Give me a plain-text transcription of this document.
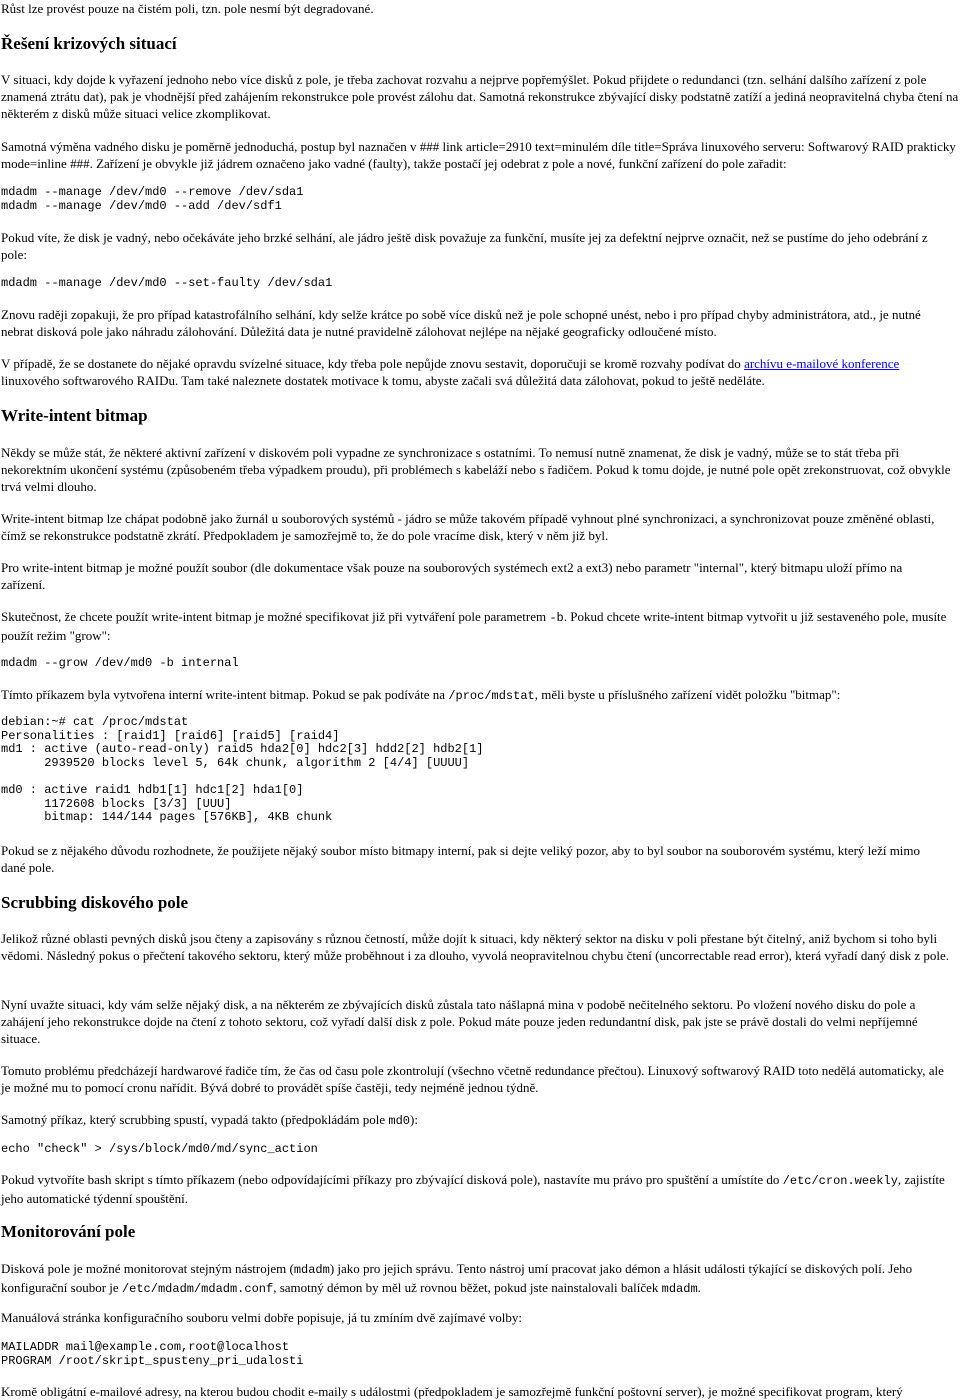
Růst lze provést pouze na čistém poli, tzn. pole nesmí být degradované.

Řešení krizových situací

V situaci, kdy dojde k vyřazení jednoho nebo více disků z pole, je třeba zachovat rozvahu a nejprve popřemýšlet. Pokud přijdete o redundanci (tzn. selhání dalšího zařízení z pole znamená ztrátu dat), pak je vhodnější před zahájením rekonstrukce pole provést zálohu dat. Samotná rekonstrukce zbývající disky podstatně zatíží a jediná neopravitelná chyba čtení na některém z disků může situaci velice zkomplikovat.

Samotná výměna vadného disku je poměrně jednoduchá, postup byl naznačen v ### link article=2910 text=minulém díle title=Správa linuxového serveru: Softwarový RAID prakticky mode=inline ###. Zařízení je obvykle již jádrem označeno jako vadné (faulty), takže postačí jej odebrat z pole a nové, funkční zařízení do pole zařadit:

mdadm --manage /dev/md0 --remove /dev/sda1
mdadm --manage /dev/md0 --add /dev/sdf1

Pokud víte, že disk je vadný, nebo očekáváte jeho brzké selhání, ale jádro ještě disk považuje za funkční, musíte jej za defektní nejprve označit, než se pustíme do jeho odebrání z pole:

mdadm --manage /dev/md0 --set-faulty /dev/sda1

Znovu raději zopakuji, že pro případ katastrofálního selhání, kdy selže krátce po sobě více disků než je pole schopné unést, nebo i pro případ chyby administrátora, atd., je nutné nebrat disková pole jako náhradu zálohování. Důležitá data je nutné pravidelně zálohovat nejlépe na nějaké geograficky odloučené místo.

V případě, že se dostanete do nějaké opravdu svízelné situace, kdy třeba pole nepůjde znovu sestavit, doporučuji se kromě rozvahy podívat do archívu e-mailové konference linuxového softwarového RAIDu. Tam také naleznete dostatek motivace k tomu, abyste začali svá důležitá data zálohovat, pokud to ještě neděláte.

Write-intent bitmap

Někdy se může stát, že některé aktivní zařízení v diskovém poli vypadne ze synchronizace s ostatními. To nemusí nutně znamenat, že disk je vadný, může se to stát třeba při nekorektním ukončení systému (způsobeném třeba výpadkem proudu), při problémech s kabeláží nebo s řadičem. Pokud k tomu dojde, je nutné pole opět zrekonstruovat, což obvykle trvá velmi dlouho.

Write-intent bitmap lze chápat podobně jako žurnál u souborových systémů - jádro se může takovém případě vyhnout plné synchronizaci, a synchronizovat pouze změněné oblasti, čímž se rekonstrukce podstatně zkrátí. Předpokladem je samozřejmě to, že do pole vracíme disk, který v něm již byl.

Pro write-intent bitmap je možné použít soubor (dle dokumentace však pouze na souborových systémech ext2 a ext3) nebo parametr "internal", který bitmapu uloží přímo na zařízení.

Skutečnost, že chcete použít write-intent bitmap je možné specifikovat již při vytváření pole parametrem -b. Pokud chcete write-intent bitmap vytvořit u již sestaveného pole, musíte použít režim "grow":

mdadm --grow /dev/md0 -b internal

Tímto příkazem byla vytvořena interní write-intent bitmap. Pokud se pak podíváte na /proc/mdstat, měli byste u příslušného zařízení vidět položku "bitmap":

debian:~# cat /proc/mdstat
Personalities : [raid1] [raid6] [raid5] [raid4]
md1 : active (auto-read-only) raid5 hda2[0] hdc2[3] hdd2[2] hdb2[1]
2939520 blocks level 5, 64k chunk, algorithm 2 [4/4] [UUUU]

md0 : active raid1 hdb1[1] hdc1[2] hda1[0]
1172608 blocks [3/3] [UUU]
bitmap: 144/144 pages [576KB], 4KB chunk

Pokud se z nějakého důvodu rozhodnete, že použijete nějaký soubor místo bitmapy interní, pak si dejte veliký pozor, aby to byl soubor na souborovém systému, který leží mimo dané pole.

Scrubbing diskového pole

Jelikož různé oblasti pevných disků jsou čteny a zapisovány s různou četností, může dojít k situaci, kdy některý sektor na disku v poli přestane být čitelný, aniž bychom si toho byli vědomi. Následný pokus o přečtení takového sektoru, který může proběhnout i za dlouho, vyvolá neopravitelnou chybu čtení (uncorrectable read error), která vyřadí daný disk z pole.

Nyní uvažte situaci, kdy vám selže nějaký disk, a na některém ze zbývajících disků zůstala tato nášlapná mina v podobě nečitelného sektoru. Po vložení nového disku do pole a zahájení jeho rekonstrukce dojde na čtení z tohoto sektoru, což vyřadí další disk z pole. Pokud máte pouze jeden redundantní disk, pak jste se právě dostali do velmi nepříjemné situace.

Tomuto problému předcházejí hardwarové řadiče tím, že čas od času pole zkontrolují (všechno včetně redundance přečtou). Linuxový softwarový RAID toto nedělá automaticky, ale je možné mu to pomocí cronu nařídit. Bývá dobré to provádět spíše častěji, tedy nejméně jednou týdně.

Samotný příkaz, který scrubbing spustí, vypadá takto (předpokládám pole md0):

echo "check" > /sys/block/md0/md/sync_action

Pokud vytvoříte bash skript s tímto příkazem (nebo odpovídajícími příkazy pro zbývající disková pole), nastavíte mu právo pro spuštění a umístíte do /etc/cron.weekly, zajistíte jeho automatické týdenní spouštění.

Monitorování pole

Disková pole je možné monitorovat stejným nástrojem (mdadm) jako pro jejich správu. Tento nástroj umí pracovat jako démon a hlásit události týkající se diskových polí. Jeho konfigurační soubor je /etc/mdadm/mdadm.conf, samotný démon by měl už rovnou běžet, pokud jste nainstalovali balíček mdadm.

Manuálová stránka konfiguračního souboru velmi dobře popisuje, já tu zmíním dvě zajímavé volby:

MAILADDR mail@example.com,root@localhost
PROGRAM /root/skript_spusteny_pri_udalosti

Kromě obligátní e-mailové adresy, na kterou budou chodit e-maily s událostmi (předpokladem je samozřejmě funkční poštovní server), je možné specifikovat program, který
